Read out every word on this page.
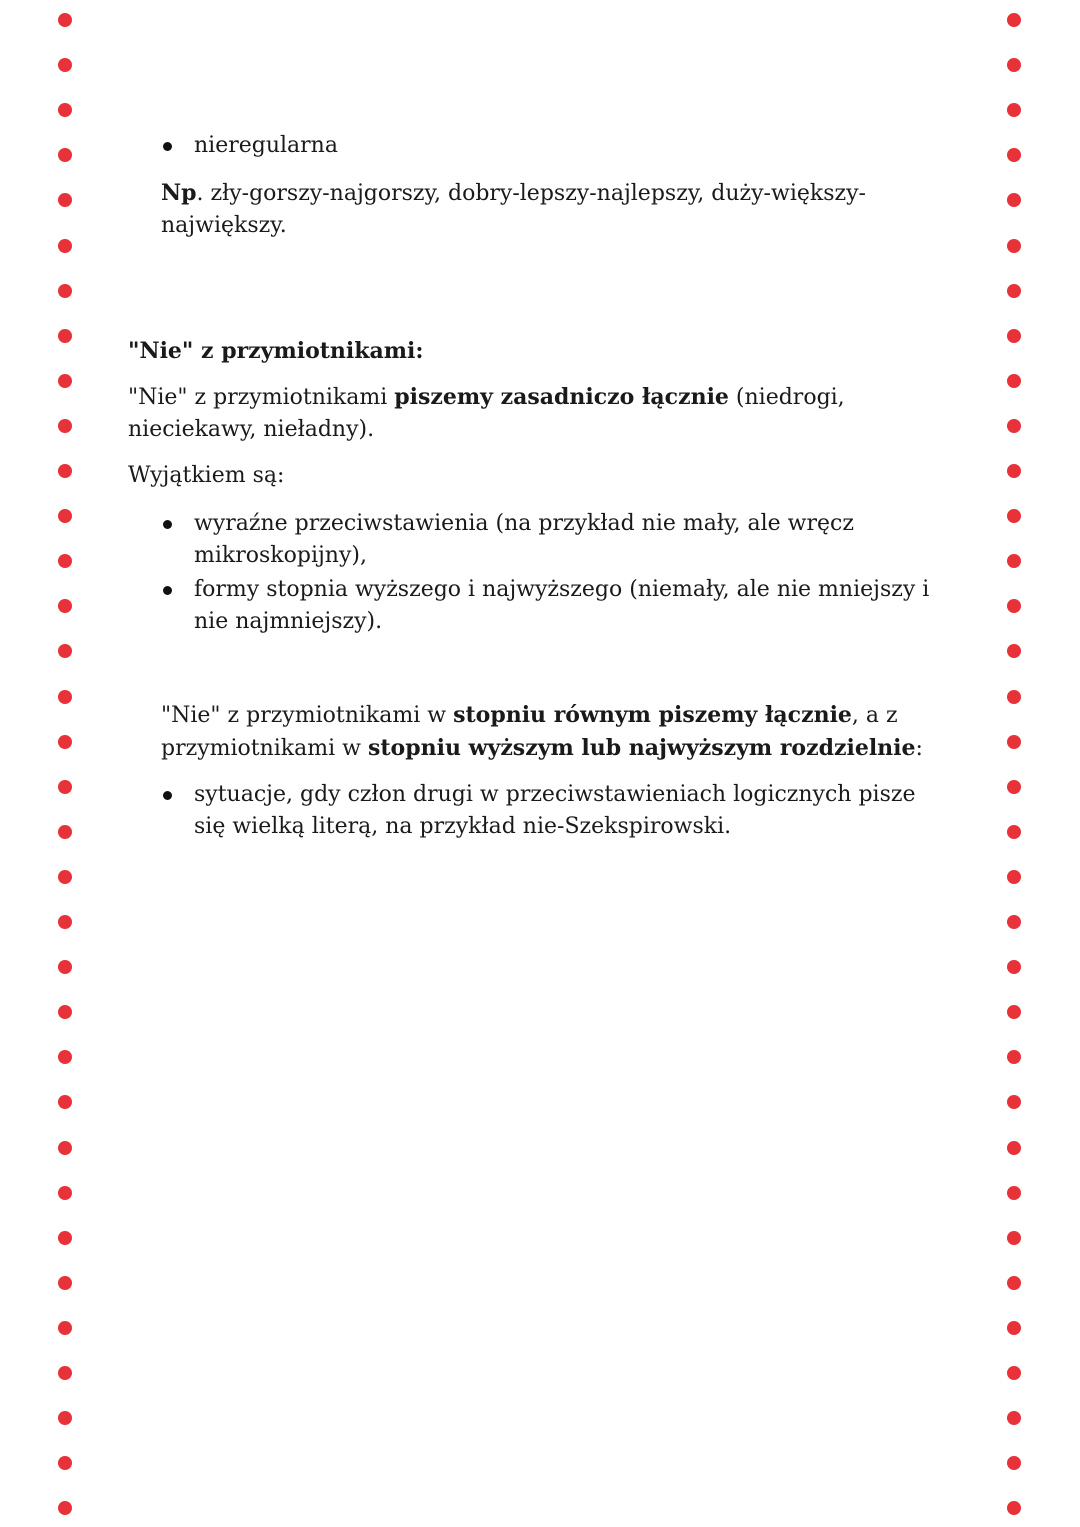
nieregularna

Np. zły-gorszy-najgorszy, dobry-lepszy-najlepszy, duży-większy-największy.

"Nie" z przymiotnikami:

"Nie" z przymiotnikami piszemy zasadniczo łącznie (niedrogi, nieciekawy, nieładny).

Wyjątkiem są:

wyraźne przeciwstawienia (na przykład nie mały, ale wręcz mikroskopijny),
formy stopnia wyższego i najwyższego (niemały, ale nie mniejszy i nie najmniejszy).

"Nie" z przymiotnikami w stopniu równym piszemy łącznie, a z przymiotnikami w stopniu wyższym lub najwyższym rozdzielnie:

sytuacje, gdy człon drugi w przeciwstawieniach logicznych pisze się wielką literą, na przykład nie-Szekspirowski.
